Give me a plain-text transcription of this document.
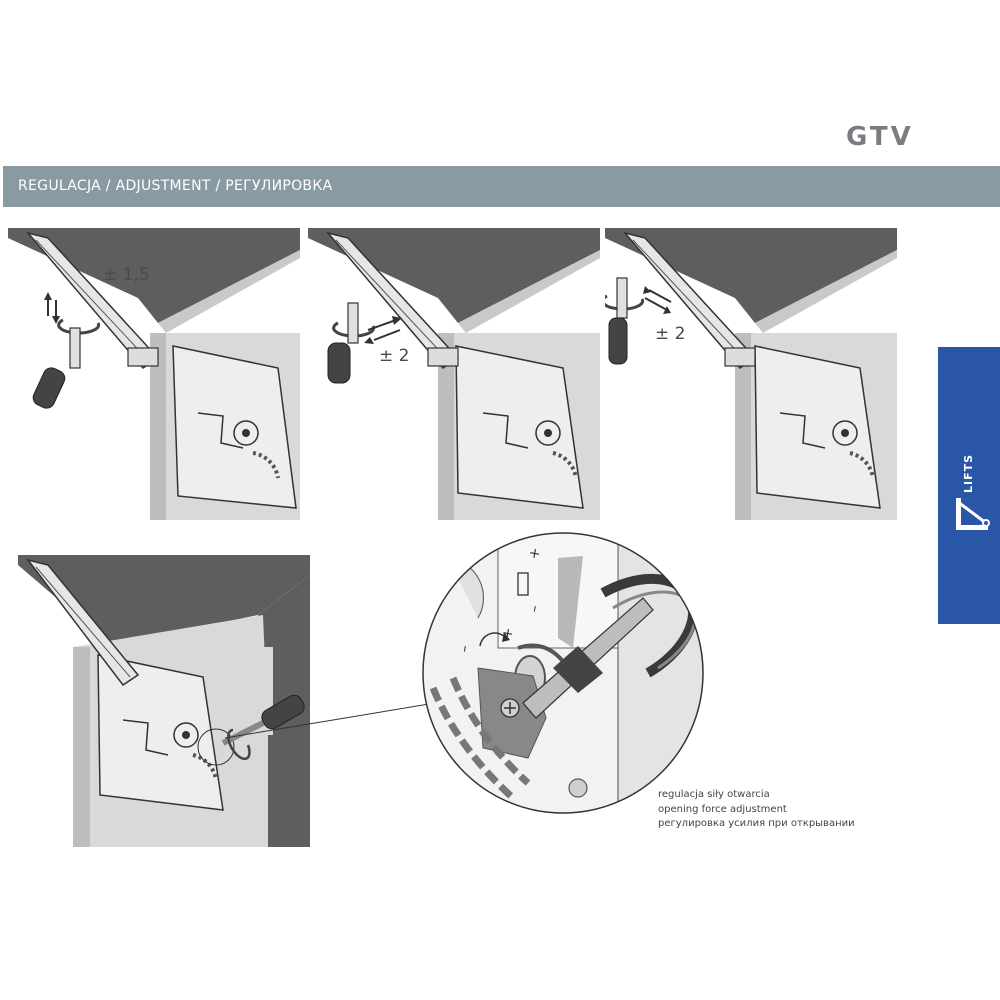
GTV
REGULACJA / ADJUSTMENT / РЕГУЛИРОВКА
LIFTS
± 1,5
± 2
± 2
+
–
+
–
regulacja siły otwarcia
opening force adjustment
регулировка усилия при открывании
